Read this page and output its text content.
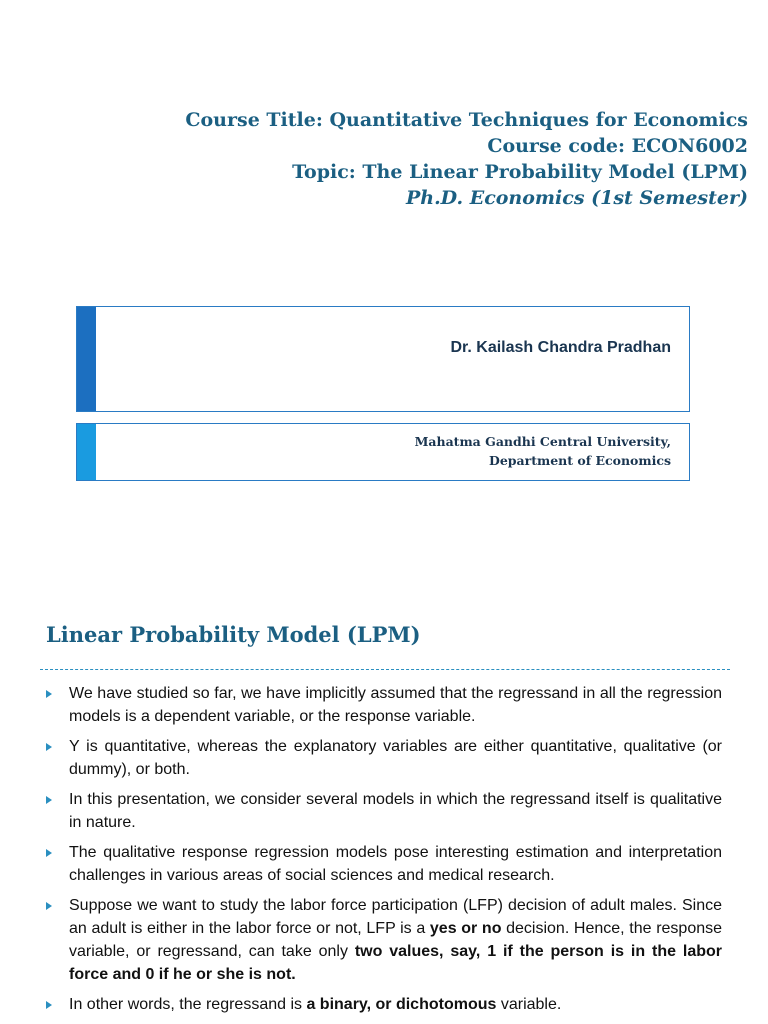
Course Title: Quantitative Techniques for Economics
Course code: ECON6002
Topic: The Linear Probability Model (LPM)
Ph.D. Economics (1st Semester)
Dr. Kailash Chandra Pradhan
Mahatma Gandhi Central University,
Department of Economics
Linear Probability Model (LPM)
We have studied so far, we have implicitly assumed that the regressand in all the regression models is a dependent variable, or the response variable.
Y is quantitative, whereas the explanatory variables are either quantitative, qualitative (or dummy), or both.
In this presentation, we consider several models in which the regressand itself is qualitative in nature.
The qualitative response regression models pose interesting estimation and interpretation challenges in various areas of social sciences and medical research.
Suppose we want to study the labor force participation (LFP) decision of adult males. Since an adult is either in the labor force or not, LFP is a yes or no decision. Hence, the response variable, or regressand, can take only two values, say, 1 if the person is in the labor force and 0 if he or she is not.
In other words, the regressand is a binary, or dichotomous variable.
